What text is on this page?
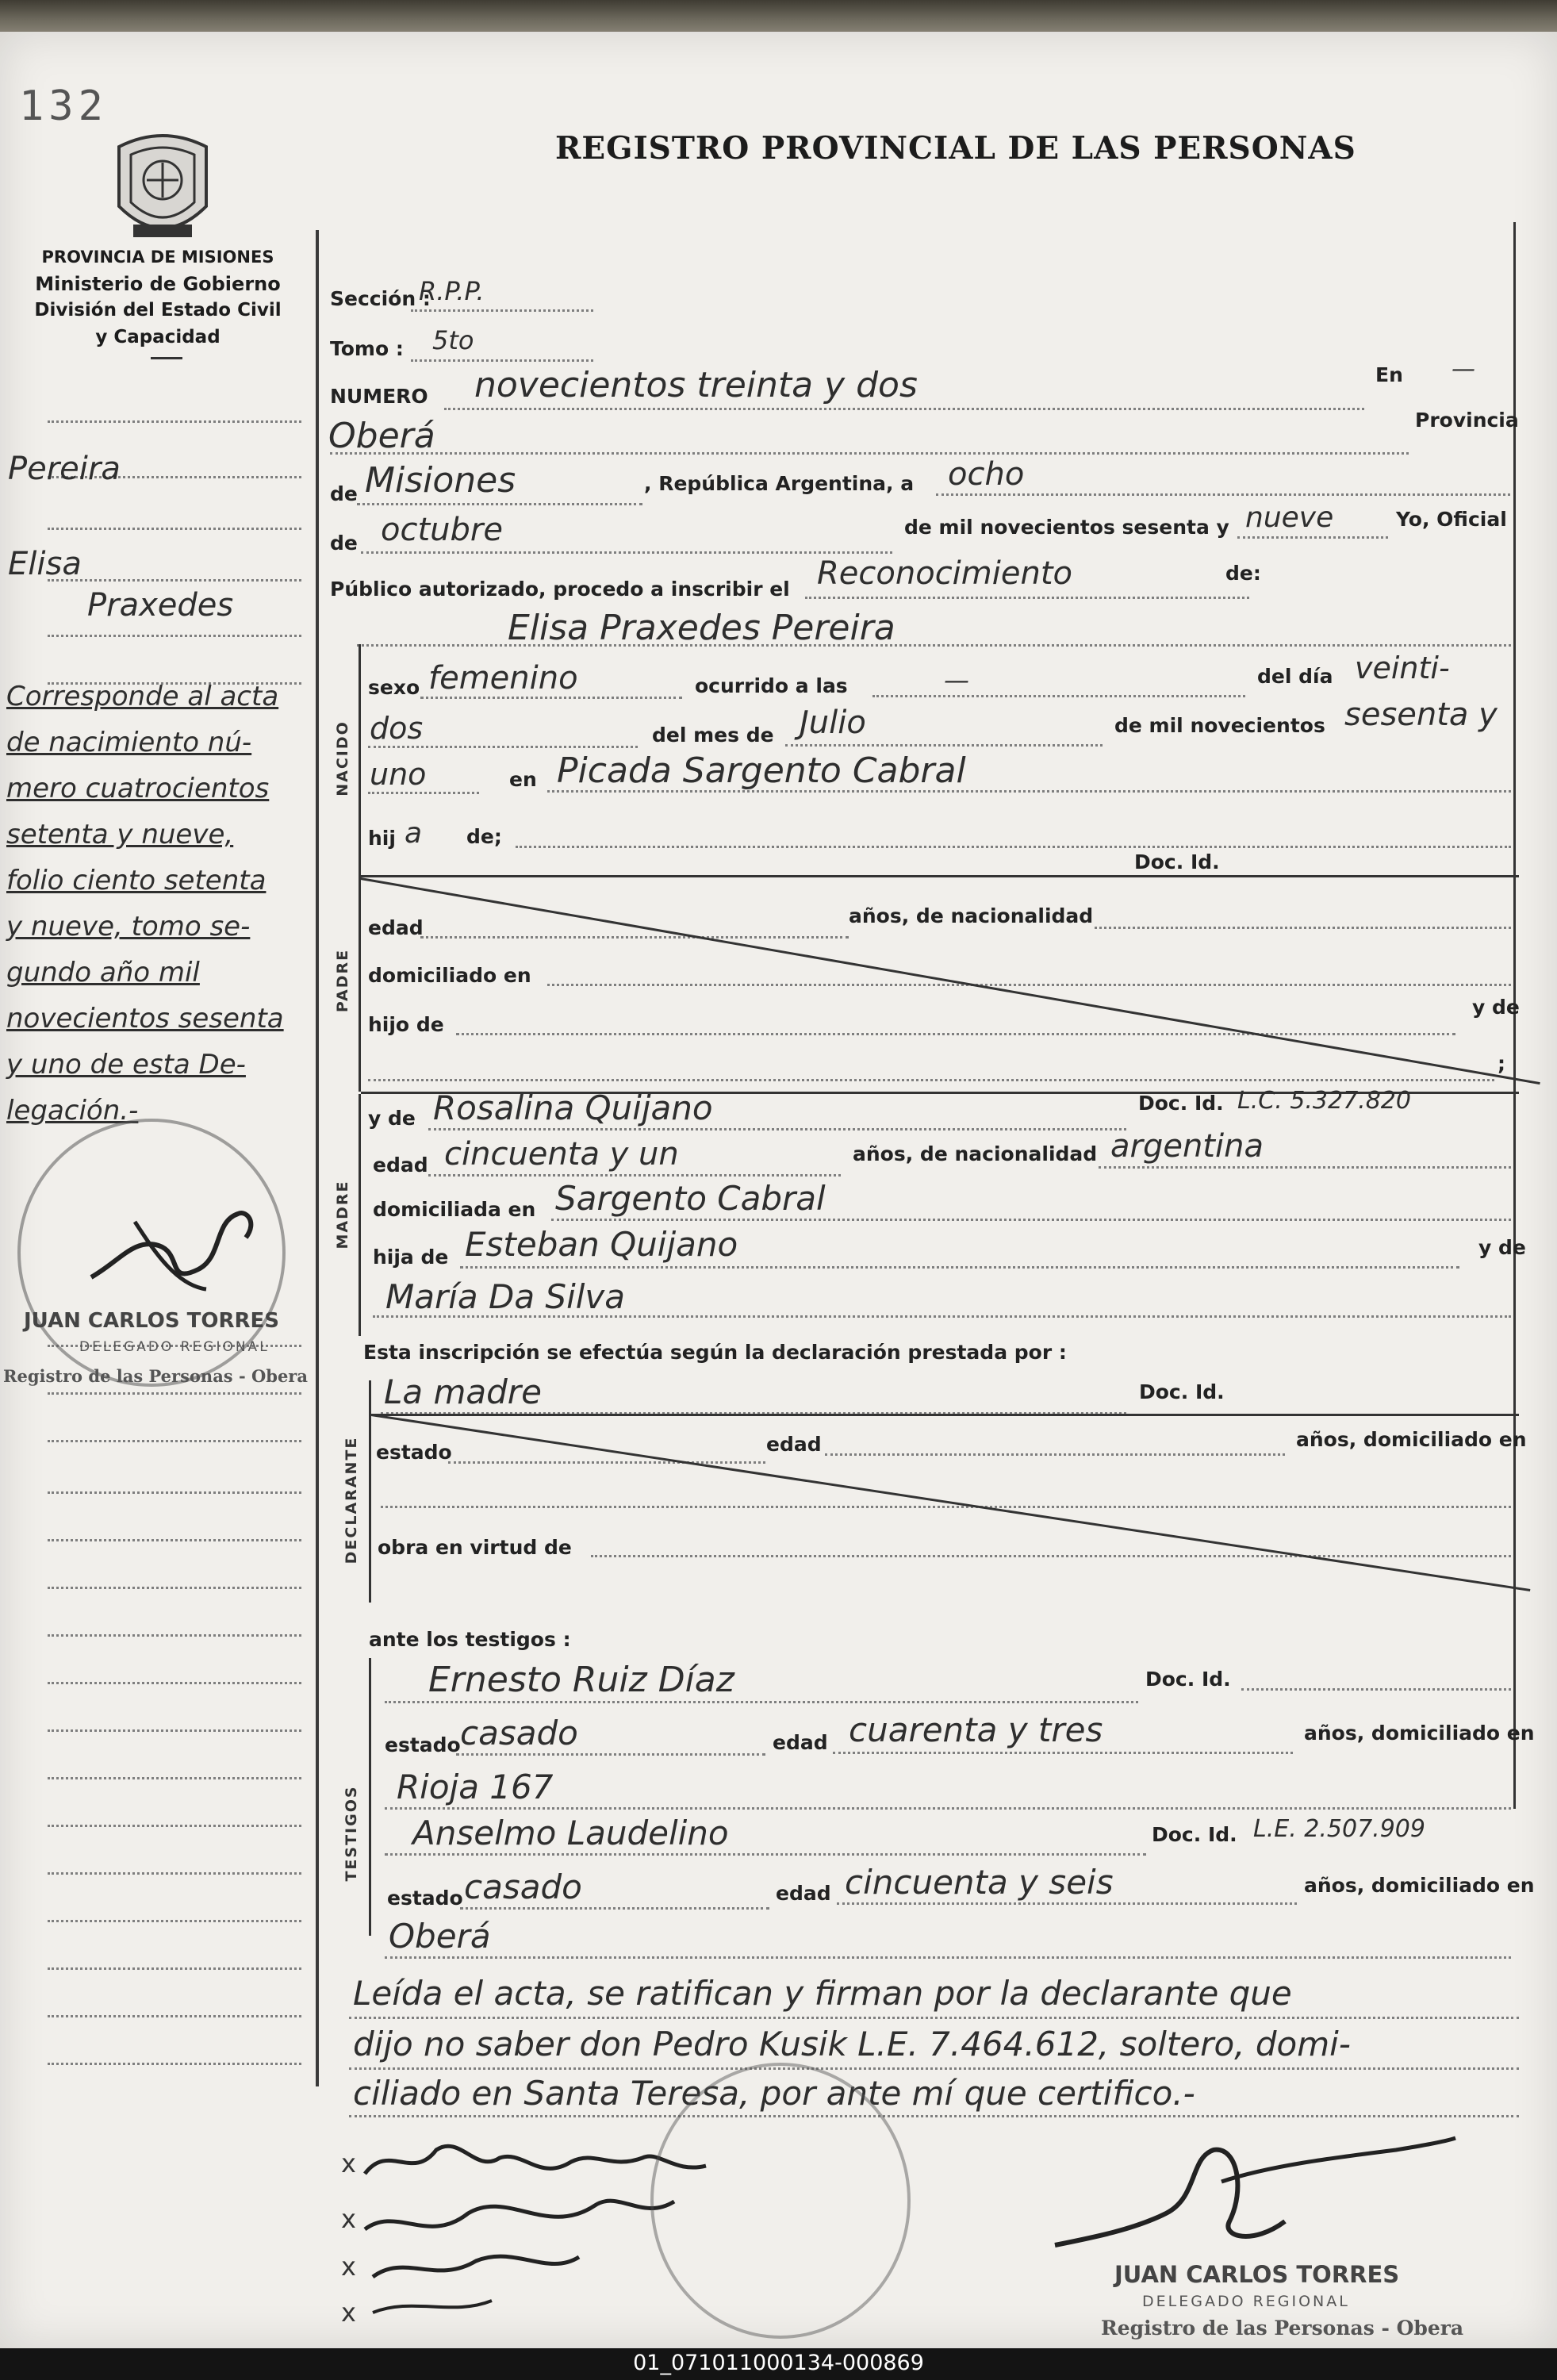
132
PROVINCIA DE MISIONES
Ministerio de Gobierno
División del Estado Civil
y Capacidad
REGISTRO PROVINCIAL DE LAS PERSONAS
Pereira
Elisa
Praxedes
Corresponde al acta
de nacimiento nú-
mero cuatrocientos
setenta y nueve,
folio ciento setenta
y nueve, tomo se-
gundo año mil
novecientos sesenta
y uno de esta De-
legación.-
JUAN CARLOS TORRES
DELEGADO REGIONAL
Registro de las Personas - Obera
Sección :
R.P.P.
Tomo : 5to
NUMERO novecientos treinta y dos	En —
Oberá	Provincia
de Misiones	, República Argentina, a ocho
de octubre	de mil novecientos sesenta y nueve	Yo, Oficial
Público autorizado, procedo a inscribir el Reconocimiento	de:
Elisa Praxedes Pereira
NACIDO
sexo femenino	ocurrido a las	—	del día veinti-
dos	del mes de Julio	de mil novecientos sesenta y
uno	en Picada Sargento Cabral
hij a de;
Doc. Id.
PADRE
edad
años, de nacionalidad
domiciliado en
hijo de
y de
;
MADRE
y de Rosalina Quijano	Doc. Id. L.C. 5.327.820
edad cincuenta y un	años, de nacionalidad argentina
domiciliada en Sargento Cabral
hija de Esteban Quijano	y de
María Da Silva
Esta inscripción se efectúa según la declaración prestada por :
DECLARANTE
La madre	Doc. Id.
estado	edad	años, domiciliado en
obra en virtud de
ante los testigos :
TESTIGOS
Ernesto Ruiz Díaz	Doc. Id.
estado casado	edad cuarenta y tres	años, domiciliado en
Rioja 167
Anselmo Laudelino	Doc. Id. L.E. 2.507.909
estado casado	edad cincuenta y seis	años, domiciliado en
Oberá
Leída el acta, se ratifican y firman por la declarante que
dijo no saber don Pedro Kusik L.E. 7.464.612, soltero, domi-
ciliado en Santa Teresa, por ante mí que certifico.-
x
x
x
x
JUAN CARLOS TORRES
DELEGADO REGIONAL
Registro de las Personas - Obera
01_071011000134-000869
